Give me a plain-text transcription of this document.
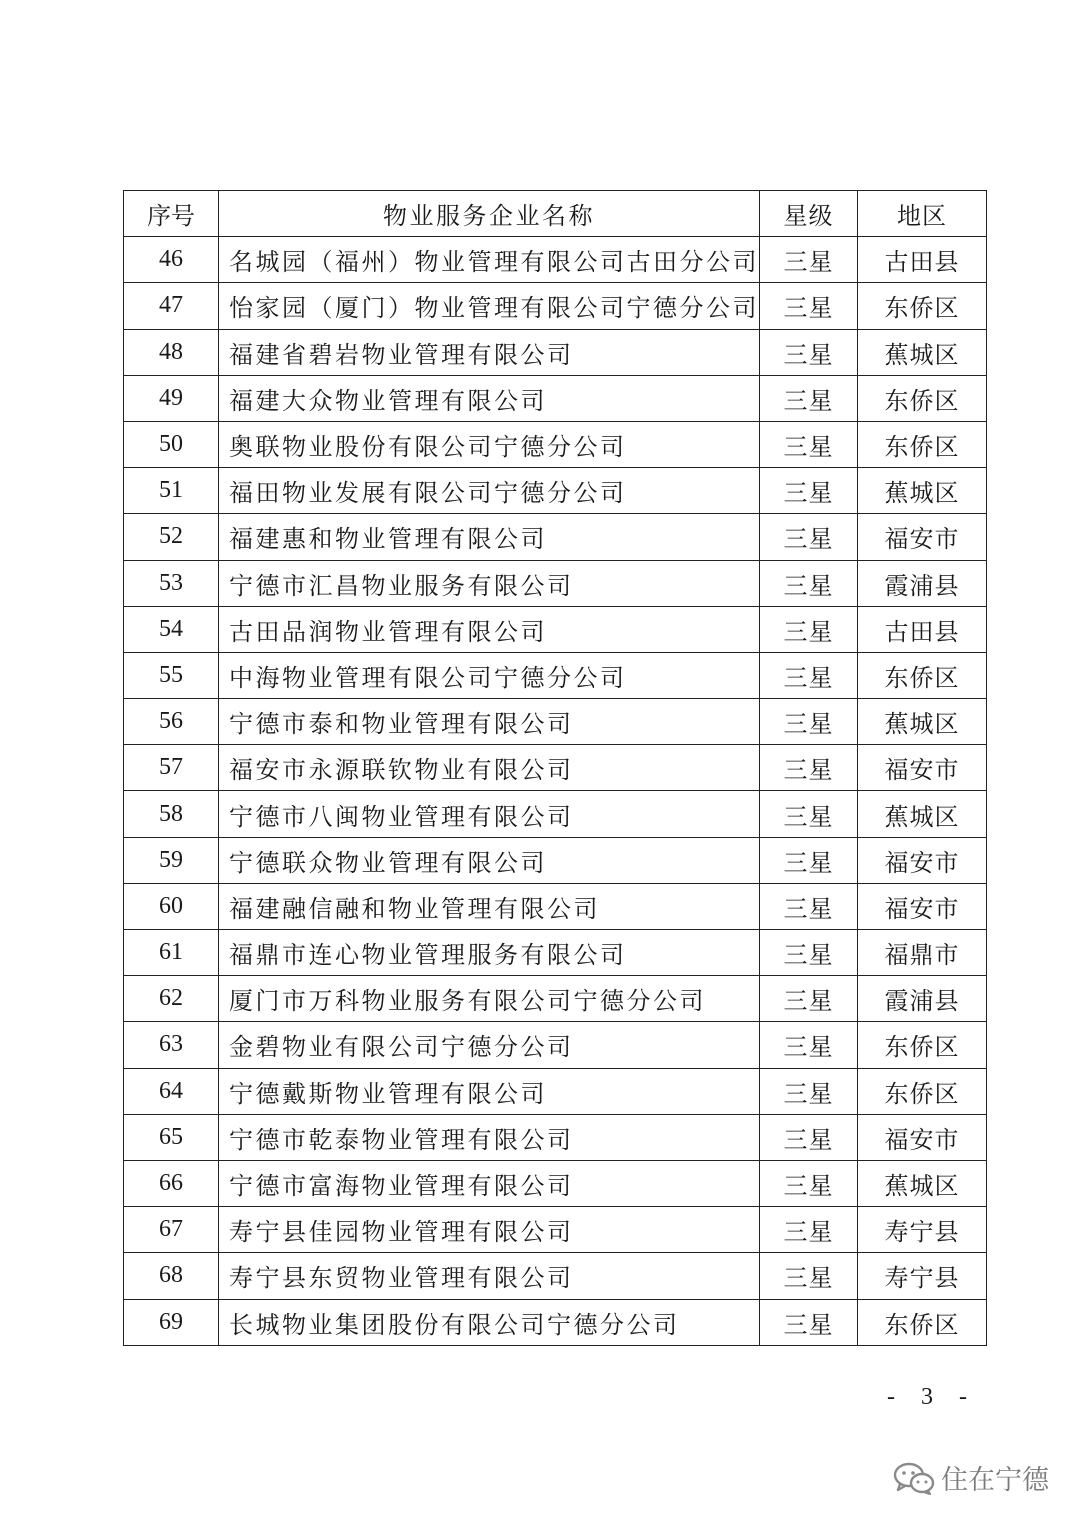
序号	物业服务企业名称	星级	地区
46	名城园（福州）物业管理有限公司古田分公司	三星	古田县
47	怡家园（厦门）物业管理有限公司宁德分公司	三星	东侨区
48	福建省碧岩物业管理有限公司	三星	蕉城区
49	福建大众物业管理有限公司	三星	东侨区
50	奥联物业股份有限公司宁德分公司	三星	东侨区
51	福田物业发展有限公司宁德分公司	三星	蕉城区
52	福建惠和物业管理有限公司	三星	福安市
53	宁德市汇昌物业服务有限公司	三星	霞浦县
54	古田品润物业管理有限公司	三星	古田县
55	中海物业管理有限公司宁德分公司	三星	东侨区
56	宁德市泰和物业管理有限公司	三星	蕉城区
57	福安市永源联钦物业有限公司	三星	福安市
58	宁德市八闽物业管理有限公司	三星	蕉城区
59	宁德联众物业管理有限公司	三星	福安市
60	福建融信融和物业管理有限公司	三星	福安市
61	福鼎市连心物业管理服务有限公司	三星	福鼎市
62	厦门市万科物业服务有限公司宁德分公司	三星	霞浦县
63	金碧物业有限公司宁德分公司	三星	东侨区
64	宁德戴斯物业管理有限公司	三星	东侨区
65	宁德市乾泰物业管理有限公司	三星	福安市
66	宁德市富海物业管理有限公司	三星	蕉城区
67	寿宁县佳园物业管理有限公司	三星	寿宁县
68	寿宁县东贸物业管理有限公司	三星	寿宁县
69	长城物业集团股份有限公司宁德分公司	三星	东侨区
- 3 -
住在宁德
